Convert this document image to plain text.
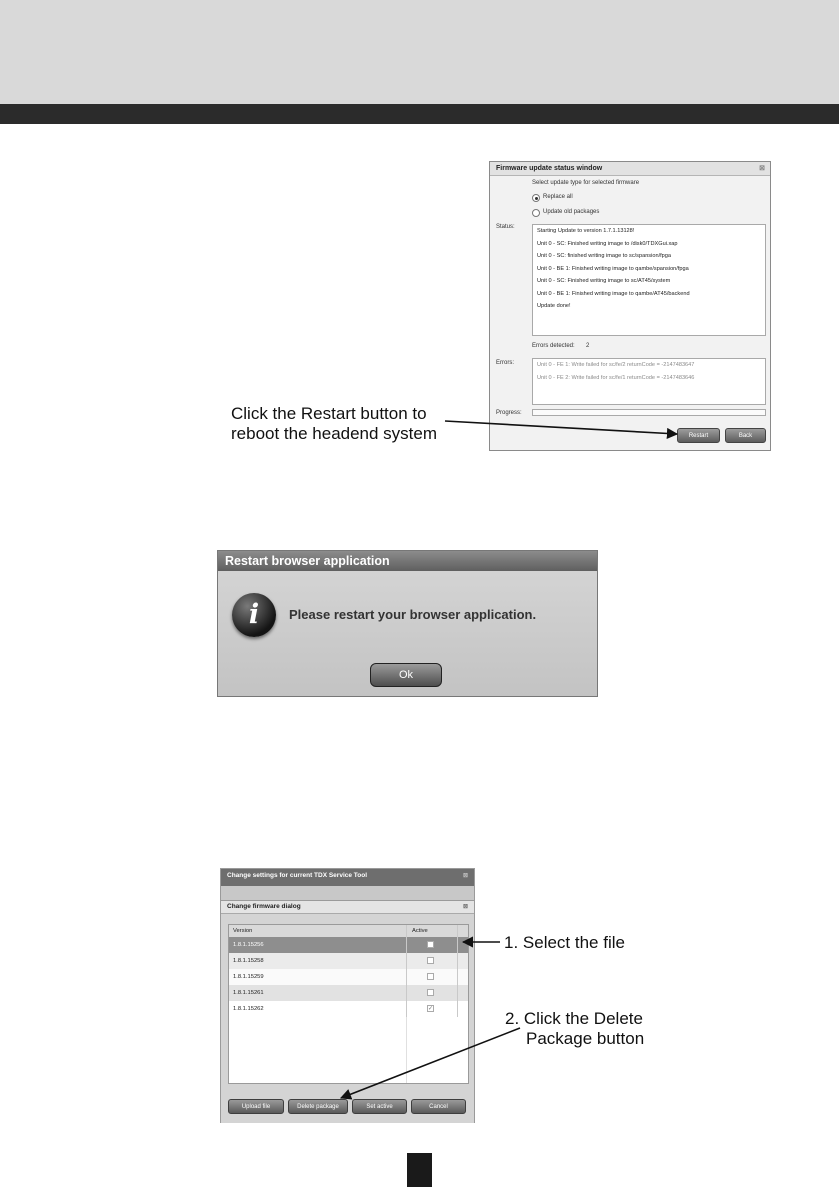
Firmware update status window	⊠
Select update type for selected firmware
Replace all
Update old packages
Status:
Starting Update to version 1.7.1.13128!
Unit 0 - SC: Finished writing image to /disk0/TDXGui.xap
Unit 0 - SC: finished writing image to sc/spansion/fpga
Unit 0 - BE 1: Finished writing image to qambe/spansion/fpga
Unit 0 - SC: Finished writing image to sc/AT45/system
Unit 0 - BE 1: Finished writing image to qambe/AT45/backend
Update done!
Errors detected: 2
Errors:	Unit 0 - FE 1: Write failed for sc/fe/2 returnCode = -2147483647
Unit 0 - FE 2: Write failed for sc/fe/1 returnCode = -2147483646
Progress:
Restart	Back
Click the Restart button to
reboot the headend system
Restart browser application
i	Please restart your browser application.
Ok
Change settings for current TDX Service Tool	⊠
Change firmware dialog	⊠
Version	Active
1.8.1.15256
1.8.1.15258
1.8.1.15259
1.8.1.15261
1.8.1.15262	✓
Upload file	Delete package	Set active	Cancel
1. Select the file
2. Click the Delete
Package button
